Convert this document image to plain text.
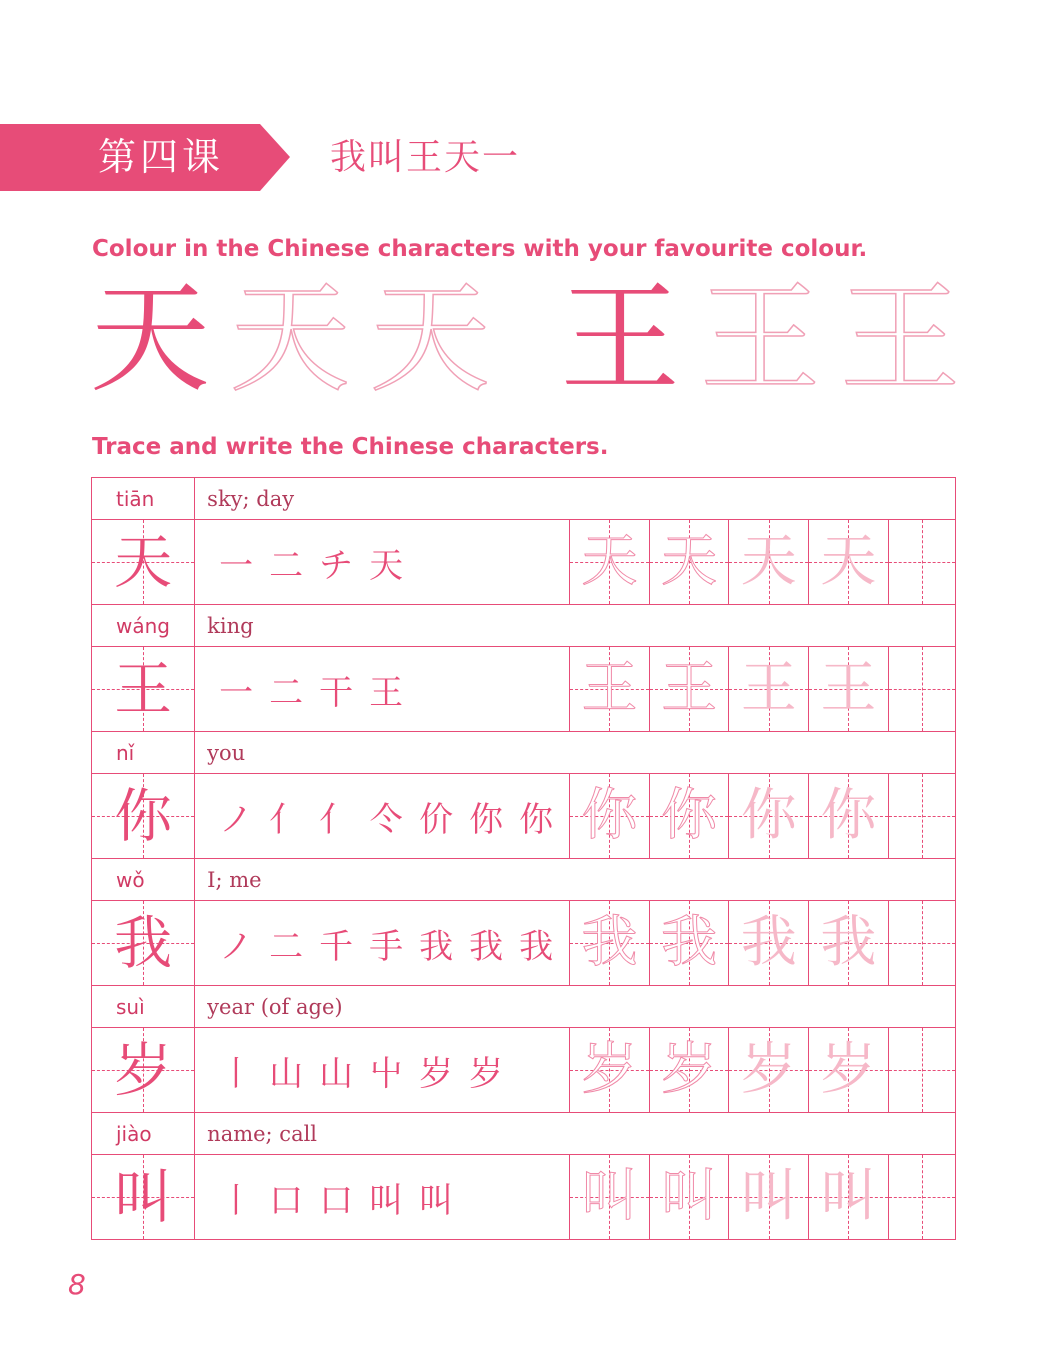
第四课	我叫王天一
Colour in the Chinese characters with your favourite colour.
天 天 天 王 王 王
Trace and write the Chinese characters.
tiān	sky; day					
天	一 二 チ 天	天	天	天	天	
wáng	king					
王	一 二 干 王	王	王	王	王	
nǐ	you					
你	ノ 亻 亻 仒 价 你 你	你	你	你	你	
wǒ	I; me					
我	ノ 二 千 手 我 我 我	我	我	我	我	
suì	year (of age)					
岁	丨 山 山 屮 岁 岁	岁	岁	岁	岁	
jiào	name; call					
叫	丨 口 口 叫 叫	叫	叫	叫	叫	
8
